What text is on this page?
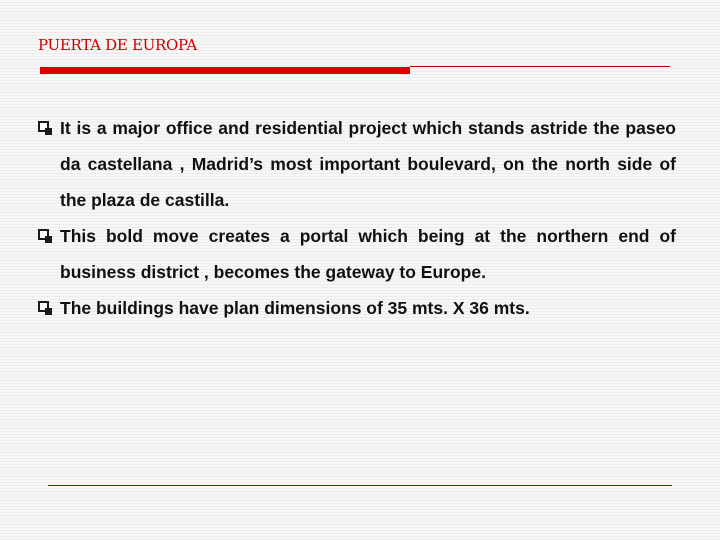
PUERTA DE EUROPA
It is a major office and residential project which stands astride the paseo da castellana , Madrid’s most important boulevard, on the north side of the plaza de castilla.
This bold move creates a portal which being at the northern end of business district , becomes the gateway to Europe.
The buildings have plan dimensions of 35 mts. X 36 mts.
